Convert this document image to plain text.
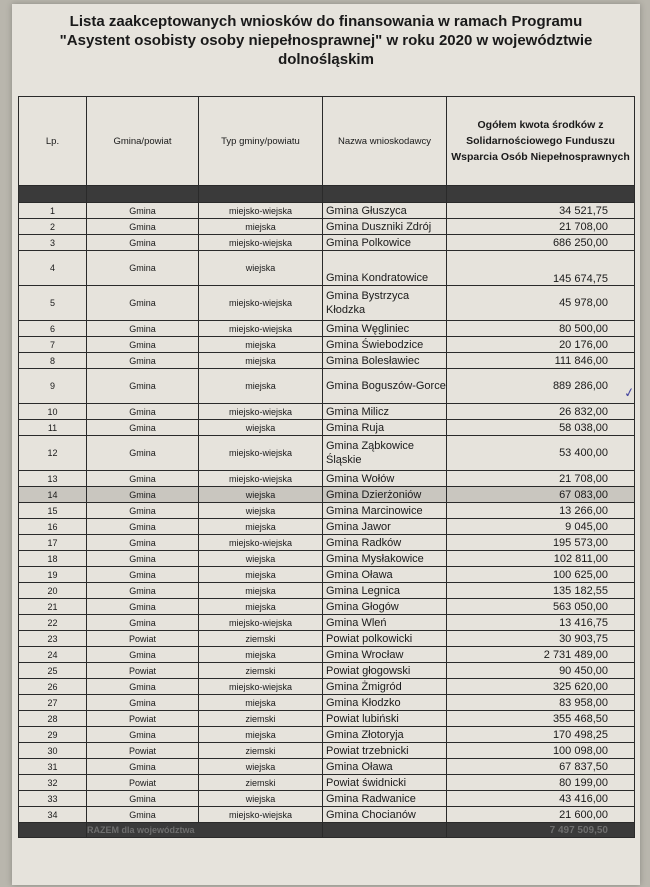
Lista zaakceptowanych wniosków do finansowania w ramach Programu
"Asystent osobisty osoby niepełnosprawnej" w roku 2020 w województwie
dolnośląskim
Lp.	Gmina/powiat	Typ gminy/powiatu	Nazwa wnioskodawcy	Ogółem kwota środków z Solidarnościowego Funduszu Wsparcia Osób Niepełnosprawnych

1	Gmina	miejsko-wiejska	Gmina Głuszyca	34 521,75
2	Gmina	miejska	Gmina Duszniki Zdrój	21 708,00
3	Gmina	miejsko-wiejska	Gmina Polkowice	686 250,00
4	Gmina	wiejska	Gmina Kondratowice	145 674,75
5	Gmina	miejsko-wiejska	Gmina Bystrzyca Kłodzka	45 978,00
6	Gmina	miejsko-wiejska	Gmina Węgliniec	80 500,00
7	Gmina	miejska	Gmina Świebodzice	20 176,00
8	Gmina	miejska	Gmina Bolesławiec	111 846,00
9	Gmina	miejska	Gmina Boguszów-Gorce	889 286,00
10	Gmina	miejsko-wiejska	Gmina Milicz	26 832,00
11	Gmina	wiejska	Gmina Ruja	58 038,00
12	Gmina	miejsko-wiejska	Gmina Ząbkowice Śląskie	53 400,00
13	Gmina	miejsko-wiejska	Gmina Wołów	21 708,00
14	Gmina	wiejska	Gmina Dzierżoniów	67 083,00
15	Gmina	wiejska	Gmina Marcinowice	13 266,00
16	Gmina	miejska	Gmina Jawor	9 045,00
17	Gmina	miejsko-wiejska	Gmina Radków	195 573,00
18	Gmina	wiejska	Gmina Mysłakowice	102 811,00
19	Gmina	miejska	Gmina Oława	100 625,00
20	Gmina	miejska	Gmina Legnica	135 182,55
21	Gmina	miejska	Gmina Głogów	563 050,00
22	Gmina	miejsko-wiejska	Gmina Wleń	13 416,75
23	Powiat	ziemski	Powiat polkowicki	30 903,75
24	Gmina	miejska	Gmina Wrocław	2 731 489,00
25	Powiat	ziemski	Powiat głogowski	90 450,00
26	Gmina	miejsko-wiejska	Gmina Żmigród	325 620,00
27	Gmina	miejska	Gmina Kłodzko	83 958,00
28	Powiat	ziemski	Powiat lubiński	355 468,50
29	Gmina	miejska	Gmina Złotoryja	170 498,25
30	Powiat	ziemski	Powiat trzebnicki	100 098,00
31	Gmina	wiejska	Gmina Oława	67 837,50
32	Powiat	ziemski	Powiat świdnicki	80 199,00
33	Gmina	wiejska	Gmina Radwanice	43 416,00
34	Gmina	miejsko-wiejska	Gmina Chocianów	21 600,00
	RAZEM dla województwa			7 497 509,50
✓
